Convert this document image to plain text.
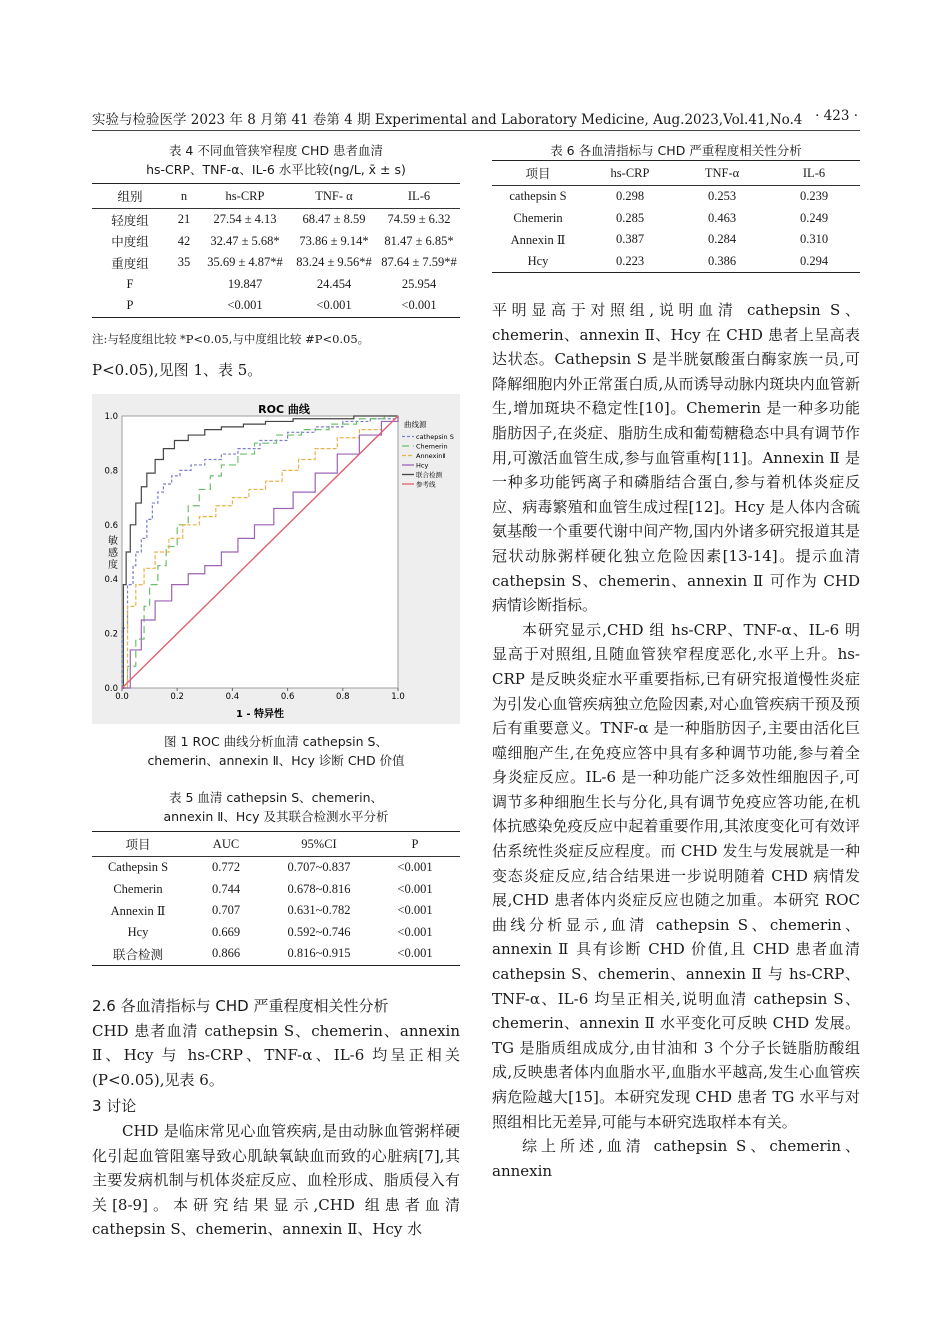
实验与检验医学 2023 年 8 月第 41 卷第 4 期 Experimental and Laboratory Medicine, Aug.2023,Vol.41,No.4 · 423 ·
表 4 不同血管狭窄程度 CHD 患者血清
hs-CRP、TNF-α、IL-6 水平比较(ng/L, x̄ ± s)
组别	n	hs-CRP	TNF- α	IL-6
轻度组	21	27.54 ± 4.13	68.47 ± 8.59	74.59 ± 6.32
中度组	42	32.47 ± 5.68*	73.86 ± 9.14*	81.47 ± 6.85*
重度组	35	35.69 ± 4.87*#	83.24 ± 9.56*#	87.64 ± 7.59*#
F		19.847	24.454	25.954
P		<0.001	<0.001	<0.001
注:与轻度组比较 *P<0.05,与中度组比较 #P<0.05。
P<0.05),见图 1、表 5。
ROC 曲线
0.0	0.2	0.4	0.6	0.8	1.0
0.0
0.2
0.4
0.6
0.8
1.0
敏 感 度
1 - 特异性
曲线源
cathepsin S
Chemerin
AnnexinⅡ
Hcy
联合检测
参考线
图 1 ROC 曲线分析血清 cathepsin S、
chemerin、annexin Ⅱ、Hcy 诊断 CHD 价值
表 5 血清 cathepsin S、chemerin、
annexin Ⅱ、Hcy 及其联合检测水平分析
项目	AUC	95%CI	P
Cathepsin S	0.772	0.707~0.837	<0.001
Chemerin	0.744	0.678~0.816	<0.001
Annexin Ⅱ	0.707	0.631~0.782	<0.001
Hcy	0.669	0.592~0.746	<0.001
联合检测	0.866	0.816~0.915	<0.001

2.6 各血清指标与 CHD 严重程度相关性分析

CHD 患者血清 cathepsin S、chemerin、annexin Ⅱ、Hcy 与 hs-CRP、TNF-α、IL-6 均呈正相关 (P<0.05),见表 6。

3 讨论

CHD 是临床常见心血管疾病,是由动脉血管粥样硬化引起血管阻塞导致心肌缺氧缺血而致的心脏病[7],其主要发病机制与机体炎症反应、血栓形成、脂质侵入有关[8-9]。本研究结果显示,CHD 组患者血清 cathepsin S、chemerin、annexin Ⅱ、Hcy 水

表 6 各血清指标与 CHD 严重程度相关性分析
项目	hs-CRP	TNF-α	IL-6
cathepsin S	0.298	0.253	0.239
Chemerin	0.285	0.463	0.249
Annexin Ⅱ	0.387	0.284	0.310
Hcy	0.223	0.386	0.294

平明显高于对照组,说明血清 cathepsin S、chemerin、annexin Ⅱ、Hcy 在 CHD 患者上呈高表达状态。Cathepsin S 是半胱氨酸蛋白酶家族一员,可降解细胞内外正常蛋白质,从而诱导动脉内斑块内血管新生,增加斑块不稳定性[10]。Chemerin 是一种多功能脂肪因子,在炎症、脂肪生成和葡萄糖稳态中具有调节作用,可激活血管生成,参与血管重构[11]。Annexin Ⅱ 是一种多功能钙离子和磷脂结合蛋白,参与着机体炎症反应、病毒繁殖和血管生成过程[12]。Hcy 是人体内含硫氨基酸一个重要代谢中间产物,国内外诸多研究报道其是冠状动脉粥样硬化独立危险因素[13-14]。提示血清 cathepsin S、chemerin、annexin Ⅱ 可作为 CHD 病情诊断指标。

本研究显示,CHD 组 hs-CRP、TNF-α、IL-6 明显高于对照组,且随血管狭窄程度恶化,水平上升。hs-CRP 是反映炎症水平重要指标,已有研究报道慢性炎症为引发心血管疾病独立危险因素,对心血管疾病干预及预后有重要意义。TNF-α 是一种脂肪因子,主要由活化巨噬细胞产生,在免疫应答中具有多种调节功能,参与着全身炎症反应。IL-6 是一种功能广泛多效性细胞因子,可调节多种细胞生长与分化,具有调节免疫应答功能,在机体抗感染免疫反应中起着重要作用,其浓度变化可有效评估系统性炎症反应程度。而 CHD 发生与发展就是一种变态炎症反应,结合结果进一步说明随着 CHD 病情发展,CHD 患者体内炎症反应也随之加重。本研究 ROC 曲线分析显示,血清 cathepsin S、chemerin、annexin Ⅱ 具有诊断 CHD 价值,且 CHD 患者血清 cathepsin S、chemerin、annexin Ⅱ 与 hs-CRP、TNF-α、IL-6 均呈正相关,说明血清 cathepsin S、chemerin、annexin Ⅱ 水平变化可反映 CHD 发展。TG 是脂质组成成分,由甘油和 3 个分子长链脂肪酸组成,反映患者体内血脂水平,血脂水平越高,发生心血管疾病危险越大[15]。本研究发现 CHD 患者 TG 水平与对照组相比无差异,可能与本研究选取样本有关。

综上所述,血清 cathepsin S、chemerin、annexin
